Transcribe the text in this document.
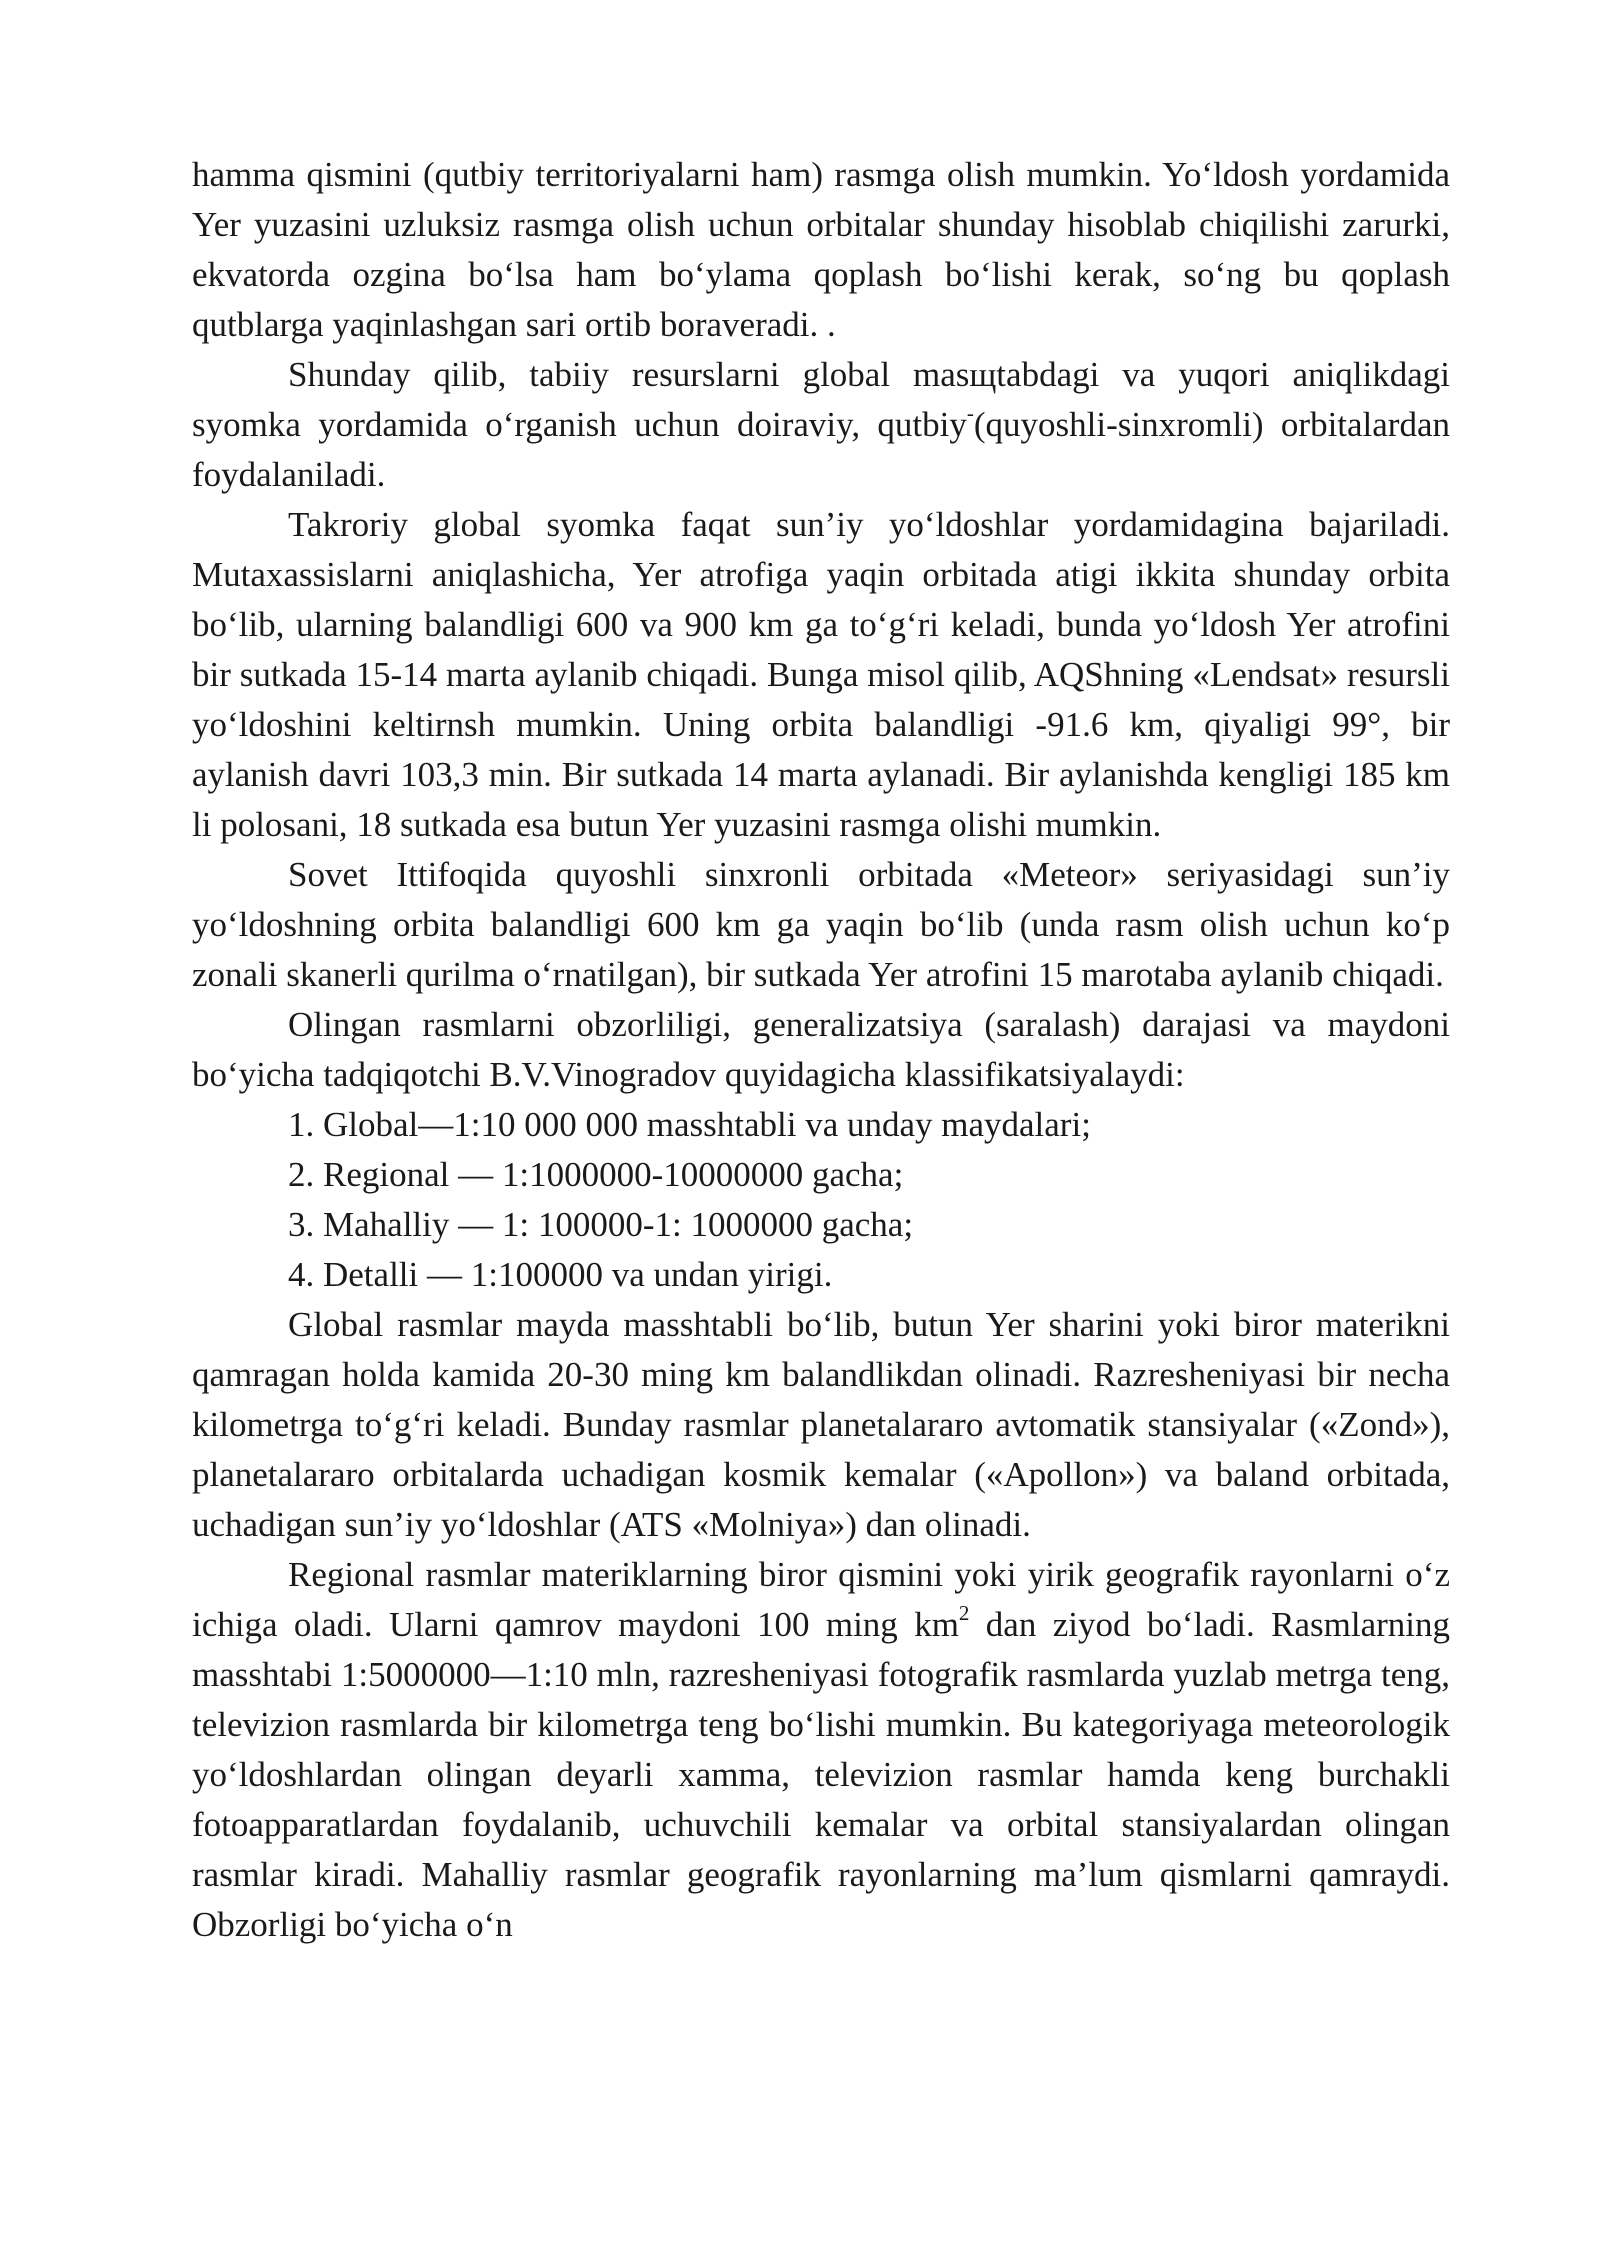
hamma qismini (qutbiy territoriyalarni ham) rasmga olish mumkin. Yo‘ldosh yordamida Yer yuzasini uzluksiz rasmga olish uchun orbitalar shunday hisoblab chiqilishi zarurki, ekvatorda ozgina bo‘lsa ham bo‘ylama qoplash bo‘lishi kerak, so‘ng bu qoplash qutblarga yaqinlashgan sari ortib boraveradi. .

Shunday qilib, tabiiy resurslarni global masщtabdagi va yuqori aniqlikdagi syomka yordamida o‘rganish uchun doiraviy, qutbiy-(quyoshli-sinxromli) orbitalardan foydalaniladi.

Takroriy global syomka faqat sun’iy yo‘ldoshlar yordamidagina bajariladi. Mutaxassislarni aniqlashicha, Yer atrofiga yaqin orbitada atigi ikkita shunday orbita bo‘lib, ularning balandligi 600 va 900 km ga to‘g‘ri keladi, bunda yo‘ldosh Yer atrofini bir sutkada 15-14 marta aylanib chiqadi. Bunga misol qilib, AQShning «Lendsat» resursli yo‘ldoshini keltirnsh mumkin. Uning orbita balandligi -91.6 km, qiyaligi 99°, bir aylanish davri 103,3 min. Bir sutkada 14 marta aylanadi. Bir aylanishda kengligi 185 km li polosani, 18 sutkada esa butun Yer yuzasini rasmga olishi mumkin.

Sovet Ittifoqida quyoshli sinxronli orbitada «Meteor» seriyasidagi sun’iy yo‘ldoshning orbita balandligi 600 km ga yaqin bo‘lib (unda rasm olish uchun ko‘p zonali skanerli qurilma o‘rnatilgan), bir sutkada Yer atrofini 15 marotaba aylanib chiqadi.

Olingan rasmlarni obzorliligi, generalizatsiya (saralash) darajasi va maydoni bo‘yicha tadqiqotchi B.V.Vinogradov quyidagicha klassifikatsiyalaydi:

1. Global—1:10 000 000 masshtabli va unday maydalari;

2. Regional — 1:1000000-10000000 gacha;

3. Mahalliy — 1: 100000-1: 1000000 gacha;

4. Detalli — 1:100000 va undan yirigi.

Global rasmlar mayda masshtabli bo‘lib, butun Yer sharini yoki biror materikni qamragan holda kamida 20-30 ming km balandlikdan olinadi. Razresheniyasi bir necha kilometrga to‘g‘ri keladi. Bunday rasmlar planetalararo avtomatik stansiyalar («Zond»), planetalararo orbitalarda uchadigan kosmik kemalar («Apollon») va baland orbitada, uchadigan sun’iy yo‘ldoshlar (ATS «Molniya») dan olinadi.

Regional rasmlar materiklarning biror qismini yoki yirik geografik rayonlarni o‘z ichiga oladi. Ularni qamrov maydoni 100 ming $km^2$ dan ziyod bo‘ladi. Rasmlarning masshtabi 1:5000000—1:10 mln, razresheniyasi fotografik rasmlarda yuzlab metrga teng, televizion rasmlarda bir kilometrga teng bo‘lishi mumkin. Bu kategoriyaga meteorologik yo‘ldoshlardan olingan deyarli xamma, televizion rasmlar hamda keng burchakli fotoapparatlardan foydalanib, uchuvchili kemalar va orbital stansiyalardan olingan rasmlar kiradi. Mahalliy rasmlar geografik rayonlarning ma’lum qismlarni qamraydi. Obzorligi bo‘yicha o‘n
